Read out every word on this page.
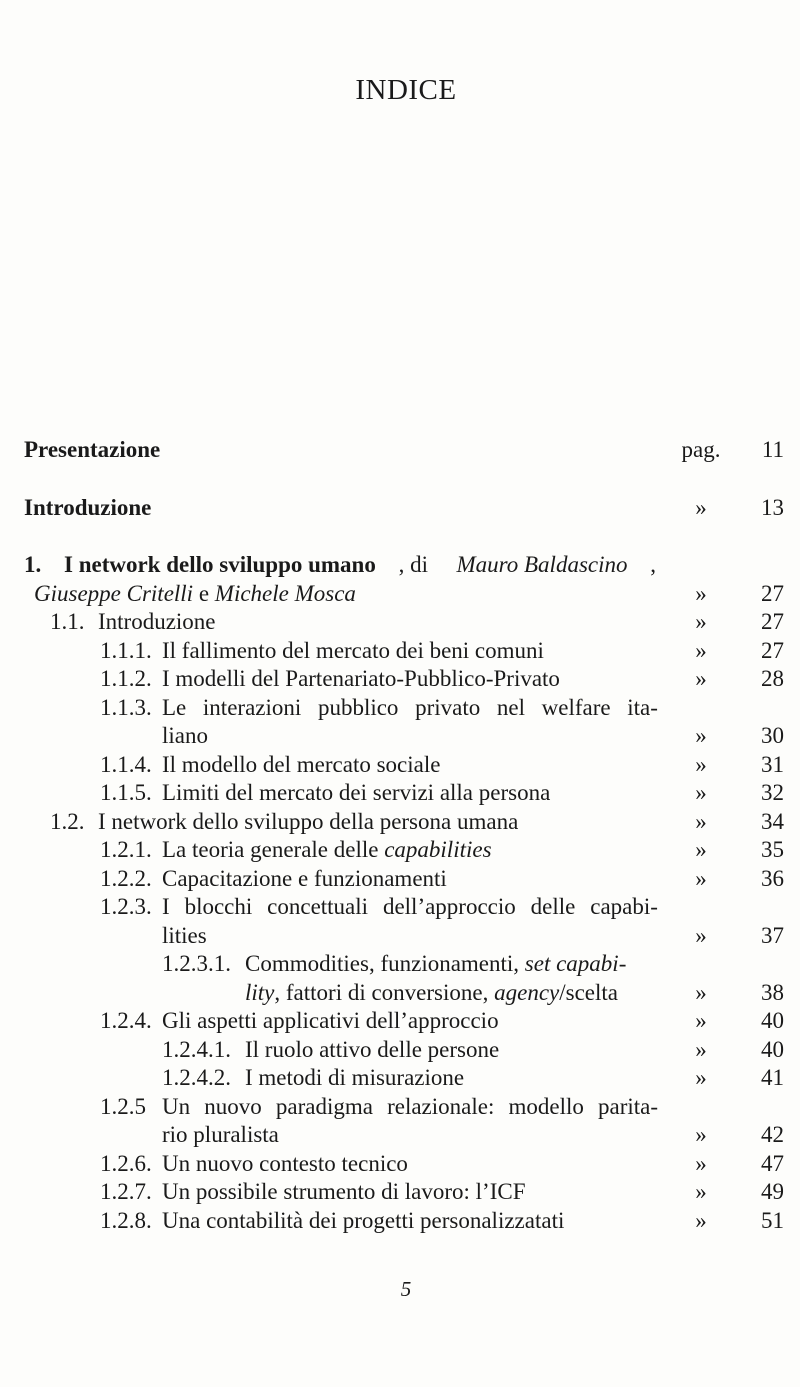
INDICE
Presentazione	pag.	11
Introduzione	»	13
1. I network dello sviluppo umano , di Mauro Baldascino ,
Giuseppe Critelli e Michele Mosca	»	27
1.1. Introduzione	»	27
1.1.1. Il fallimento del mercato dei beni comuni	»	27
1.1.2. I modelli del Partenariato-Pubblico-Privato	»	28
1.1.3. Le interazioni pubblico privato nel welfare ita-
liano	»	30
1.1.4. Il modello del mercato sociale	»	31
1.1.5. Limiti del mercato dei servizi alla persona	»	32
1.2. I network dello sviluppo della persona umana	»	34
1.2.1. La teoria generale delle capabilities	»	35
1.2.2. Capacitazione e funzionamenti	»	36
1.2.3. I blocchi concettuali dell’approccio delle capabi-
lities	»	37
1.2.3.1. Commodities, funzionamenti, set capabi-
lity, fattori di conversione, agency/scelta	»	38
1.2.4. Gli aspetti applicativi dell’approccio	»	40
1.2.4.1. Il ruolo attivo delle persone	»	40
1.2.4.2. I metodi di misurazione	»	41
1.2.5 Un nuovo paradigma relazionale: modello parita-
rio pluralista	»	42
1.2.6. Un nuovo contesto tecnico	»	47
1.2.7. Un possibile strumento di lavoro: l’ICF	»	49
1.2.8. Una contabilità dei progetti personalizzatati	»	51
5
